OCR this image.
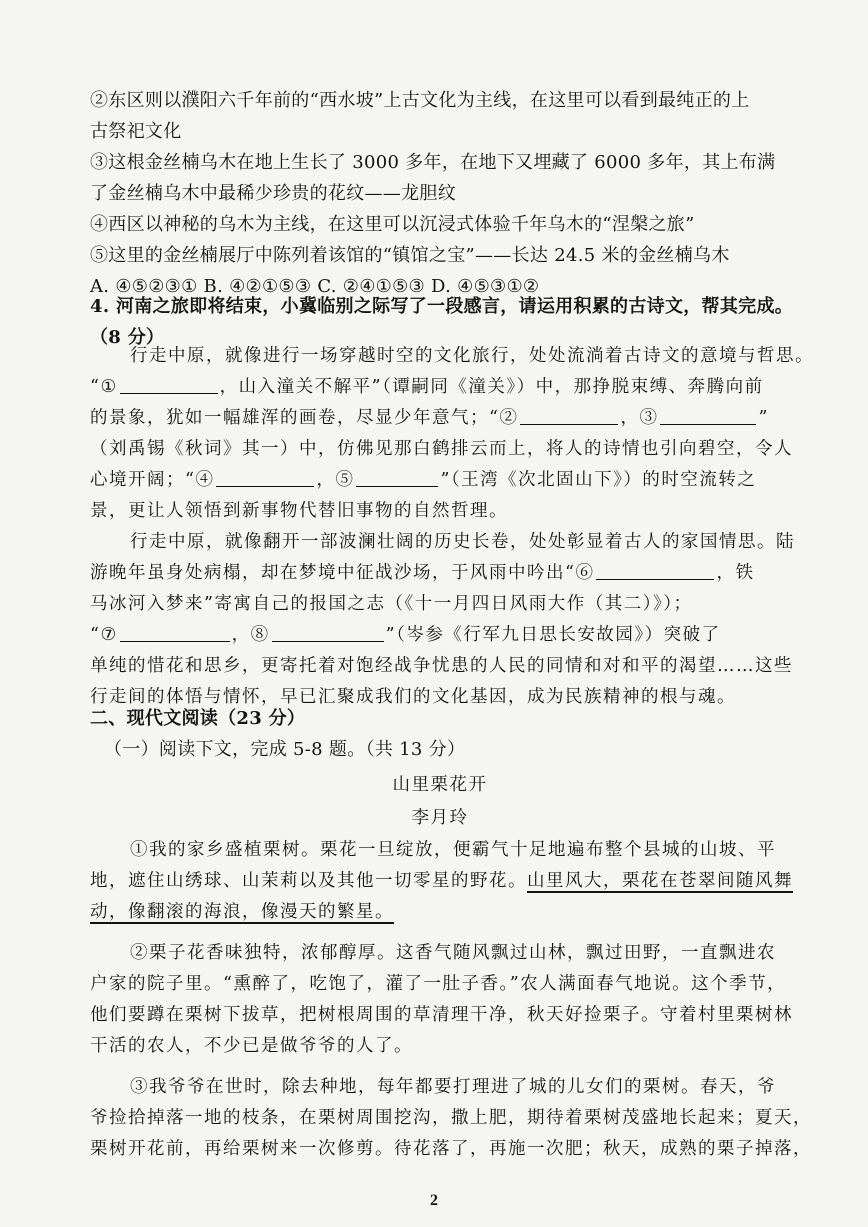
②东区则以濮阳六千年前的“西水坡”上古文化为主线，在这里可以看到最纯正的上
古祭祀文化
③这根金丝楠乌木在地上生长了 3000 多年，在地下又埋藏了 6000 多年，其上布满
了金丝楠乌木中最稀少珍贵的花纹——龙胆纹
④西区以神秘的乌木为主线，在这里可以沉浸式体验千年乌木的“涅槃之旅”
⑤这里的金丝楠展厅中陈列着该馆的“镇馆之宝”——长达 24.5 米的金丝楠乌木
A. ④⑤②③① B. ④②①⑤③ C. ②④①⑤③ D. ④⑤③①②
4. 河南之旅即将结束，小冀临别之际写了一段感言，请运用积累的古诗文，帮其完成。
（8 分）
行走中原，就像进行一场穿越时空的文化旅行，处处流淌着古诗文的意境与哲思。
“①	，山入潼关不解平”（谭嗣同《潼关》）中，那挣脱束缚、奔腾向前
的景象，犹如一幅雄浑的画卷，尽显少年意气；“②	，③	”
（刘禹锡《秋词》其一）中，仿佛见那白鹤排云而上，将人的诗情也引向碧空，令人
心境开阔；“④	，⑤	”（王湾《次北固山下》）的时空流转之
景，更让人领悟到新事物代替旧事物的自然哲理。
行走中原，就像翻开一部波澜壮阔的历史长卷，处处彰显着古人的家国情思。陆
游晚年虽身处病榻，却在梦境中征战沙场，于风雨中吟出“⑥	，铁
马冰河入梦来”寄寓自己的报国之志（《十一月四日风雨大作（其二）》）；
“⑦	，⑧	”（岑参《行军九日思长安故园》）突破了
单纯的惜花和思乡，更寄托着对饱经战争忧患的人民的同情和对和平的渴望……这些
行走间的体悟与情怀，早已汇聚成我们的文化基因，成为民族精神的根与魂。
二、现代文阅读（23 分）
（一）阅读下文，完成 5-8 题。（共 13 分）
山里栗花开
李月玲
①我的家乡盛植栗树。栗花一旦绽放，便霸气十足地遍布整个县城的山坡、平
地，遮住山绣球、山茉莉以及其他一切零星的野花。山里风大，栗花在苍翠间随风舞
动，像翻滚的海浪，像漫天的繁星。
②栗子花香味独特，浓郁醇厚。这香气随风飘过山林，飘过田野，一直飘进农
户家的院子里。“熏醉了，吃饱了，灌了一肚子香。”农人满面春气地说。这个季节，
他们要蹲在栗树下拔草，把树根周围的草清理干净，秋天好捡栗子。守着村里栗树林
干活的农人，不少已是做爷爷的人了。
③我爷爷在世时，除去种地，每年都要打理进了城的儿女们的栗树。春天，爷
爷捡拾掉落一地的枝条，在栗树周围挖沟，撒上肥，期待着栗树茂盛地长起来；夏天，
栗树开花前，再给栗树来一次修剪。待花落了，再施一次肥；秋天，成熟的栗子掉落，
2
